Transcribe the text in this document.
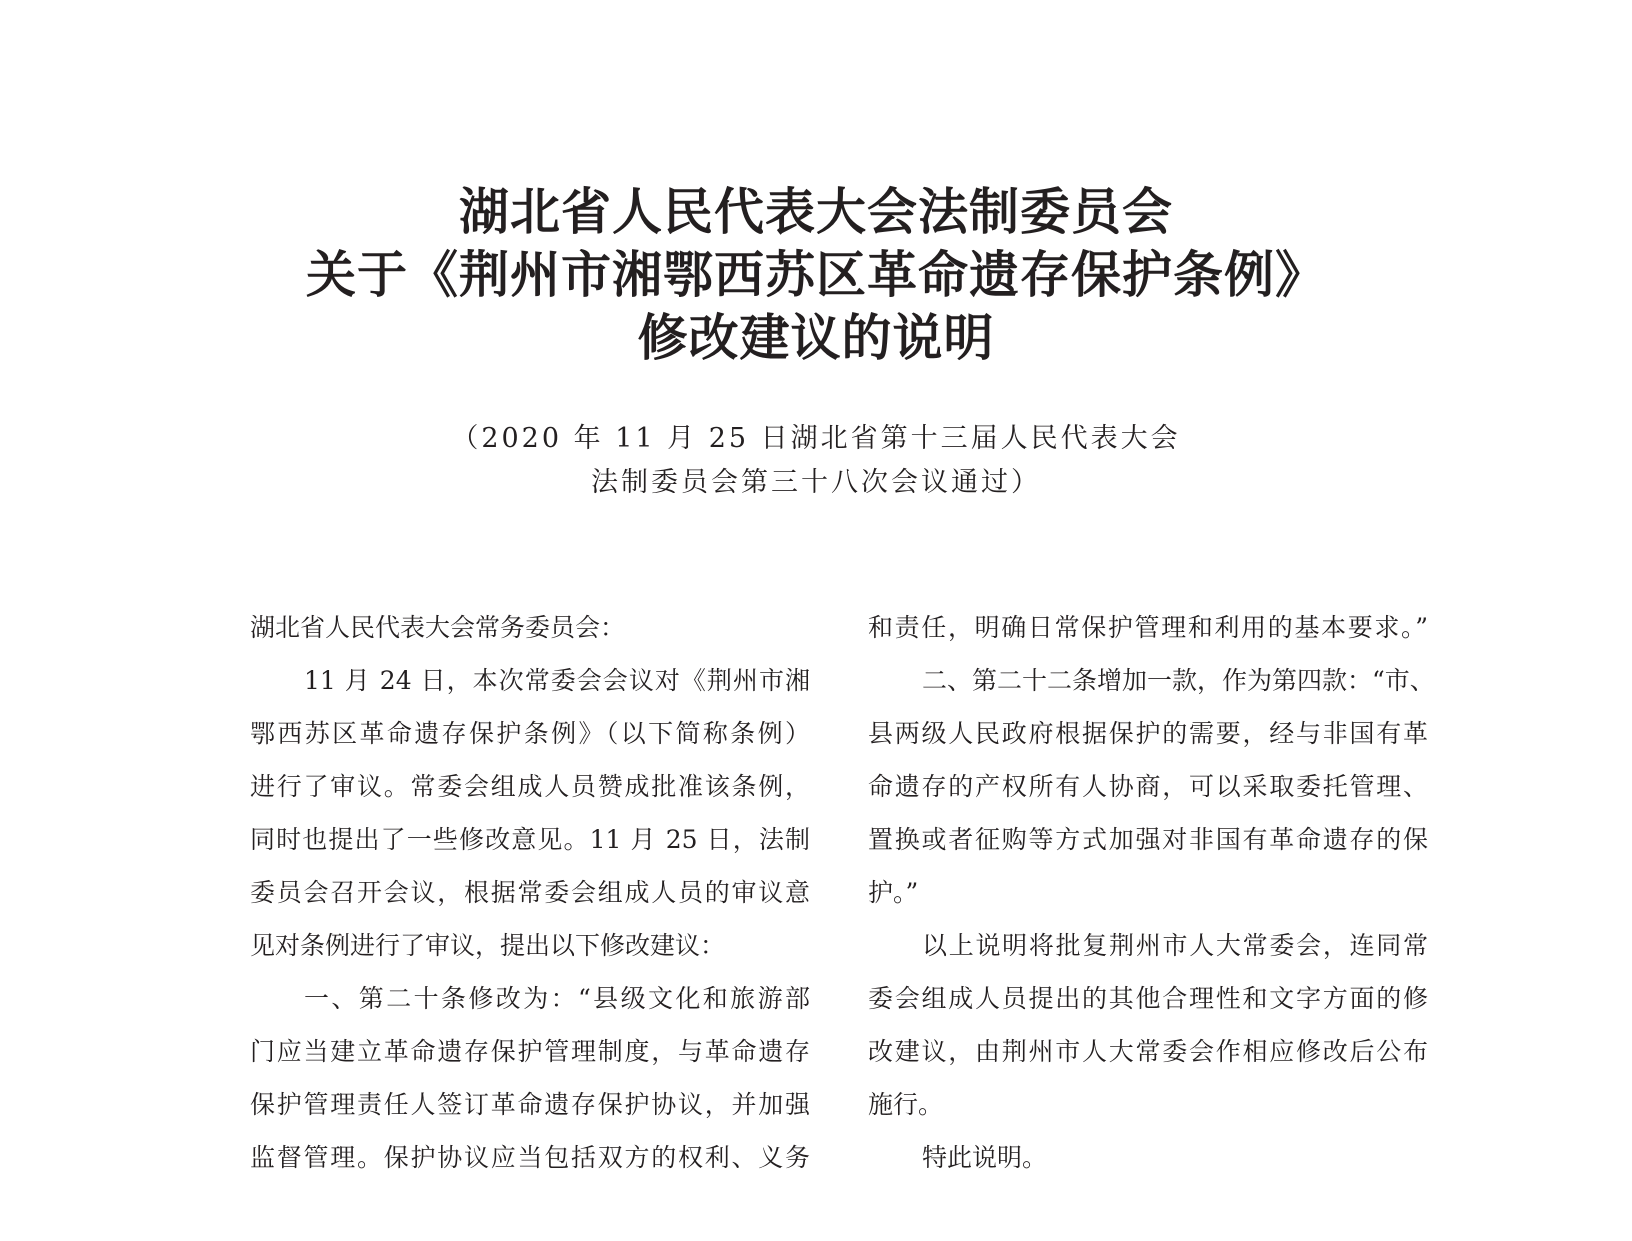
湖北省人民代表大会法制委员会
关于《荆州市湘鄂西苏区革命遗存保护条例》
修改建议的说明
（2020 年 11 月 25 日湖北省第十三届人民代表大会
法制委员会第三十八次会议通过）
湖北省人民代表大会常务委员会：
11 月 24 日，本次常委会会议对《荆州市湘
鄂西苏区革命遗存保护条例》（以下简称条例）
进行了审议。常委会组成人员赞成批准该条例，
同时也提出了一些修改意见。11 月 25 日，法制
委员会召开会议，根据常委会组成人员的审议意
见对条例进行了审议，提出以下修改建议：
一、第二十条修改为：“县级文化和旅游部
门应当建立革命遗存保护管理制度，与革命遗存
保护管理责任人签订革命遗存保护协议，并加强
监督管理。保护协议应当包括双方的权利、义务
和责任，明确日常保护管理和利用的基本要求。”
二、第二十二条增加一款，作为第四款：“市、
县两级人民政府根据保护的需要，经与非国有革
命遗存的产权所有人协商，可以采取委托管理、
置换或者征购等方式加强对非国有革命遗存的保
护。”
以上说明将批复荆州市人大常委会，连同常
委会组成人员提出的其他合理性和文字方面的修
改建议，由荆州市人大常委会作相应修改后公布
施行。
特此说明。
